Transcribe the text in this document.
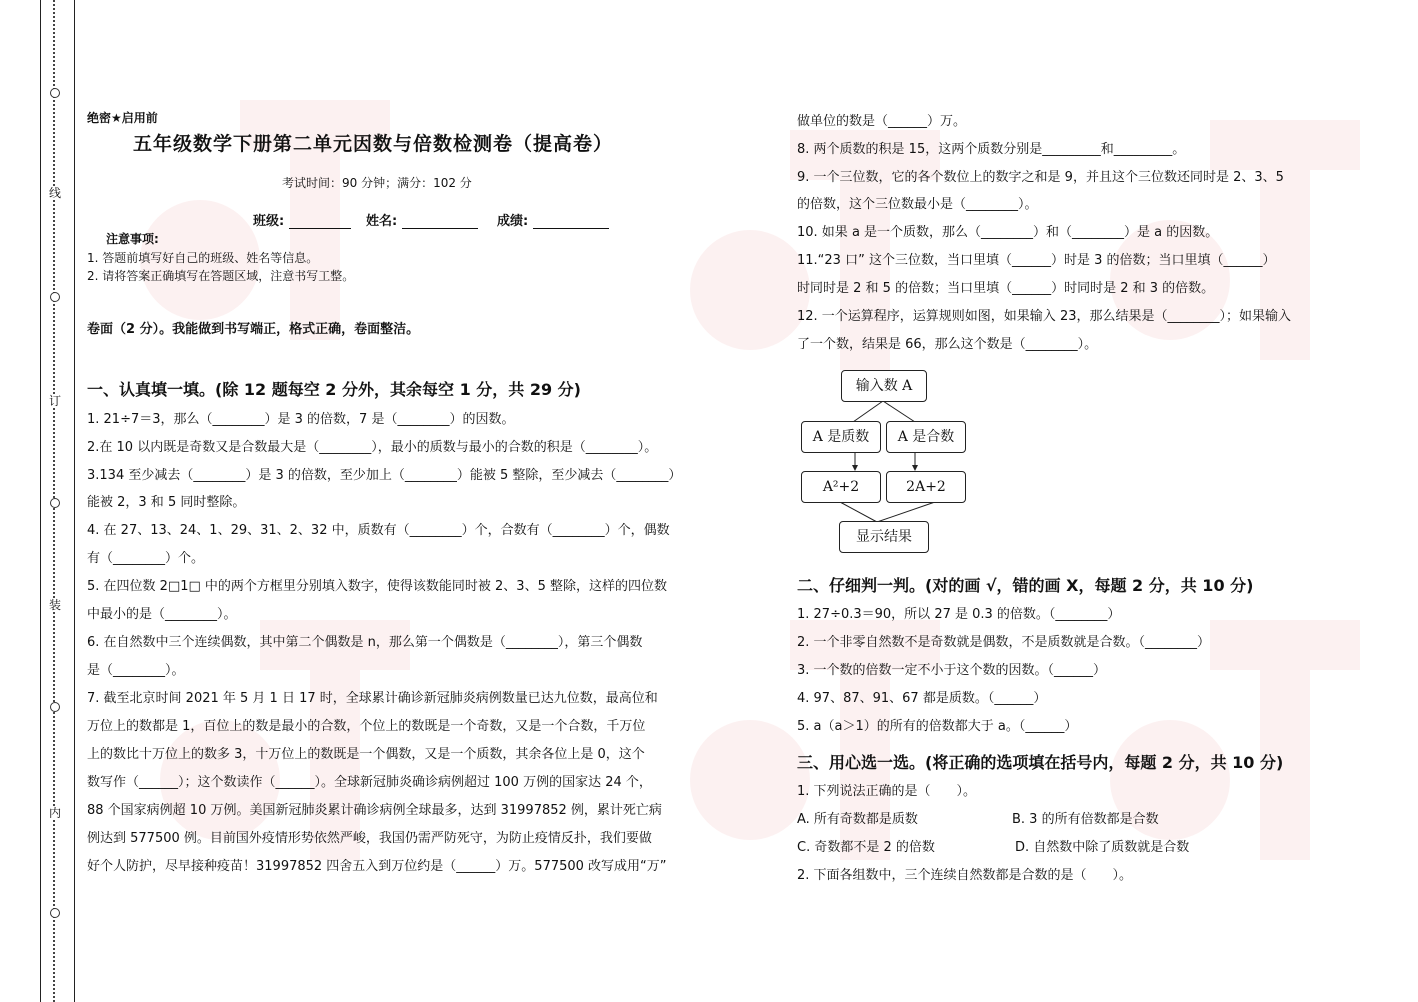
线
订
装
内
绝密★启用前
五年级数学下册第二单元因数与倍数检测卷（提高卷）
考试时间：90 分钟；满分：102 分
班级:	姓名:	成绩:
注意事项:
1. 答题前填写好自己的班级、姓名等信息。
2. 请将答案正确填写在答题区域，注意书写工整。
卷面（2 分）。我能做到书写端正，格式正确，卷面整洁。
一、认真填一填。(除 12 题每空 2 分外，其余每空 1 分，共 29 分)
1. 21÷7＝3，那么（________）是 3 的倍数，7 是（________）的因数。
2.在 10 以内既是奇数又是合数最大是（________），最小的质数与最小的合数的积是（________）。
3.134 至少减去（________）是 3 的倍数，至少加上（________）能被 5 整除，至少减去（________）
能被 2，3 和 5 同时整除。
4. 在 27、13、24、1、29、31、2、32 中，质数有（________）个，合数有（________）个，偶数
有（________）个。
5. 在四位数 2□1□ 中的两个方框里分别填入数字，使得该数能同时被 2、3、5 整除，这样的四位数
中最小的是（________）。
6. 在自然数中三个连续偶数，其中第二个偶数是 n，那么第一个偶数是（________），第三个偶数
是（________）。
7. 截至北京时间 2021 年 5 月 1 日 17 时，全球累计确诊新冠肺炎病例数量已达九位数，最高位和
万位上的数都是 1，百位上的数是最小的合数，个位上的数既是一个奇数，又是一个合数，千万位
上的数比十万位上的数多 3，十万位上的数既是一个偶数，又是一个质数，其余各位上是 0，这个
数写作（______）；这个数读作（______）。全球新冠肺炎确诊病例超过 100 万例的国家达 24 个，
88 个国家病例超 10 万例。美国新冠肺炎累计确诊病例全球最多，达到 31997852 例，累计死亡病
例达到 577500 例。目前国外疫情形势依然严峻，我国仍需严防死守，为防止疫情反扑，我们要做
好个人防护，尽早接种疫苗！31997852 四舍五入到万位约是（______）万。577500 改写成用“万”
做单位的数是（______）万。
8. 两个质数的积是 15，这两个质数分别是_________和_________。
9. 一个三位数，它的各个数位上的数字之和是 9，并且这个三位数还同时是 2、3、5
的倍数，这个三位数最小是（________）。
10. 如果 a 是一个质数，那么（________）和（________）是 a 的因数。
11.“23 口” 这个三位数，当口里填（______）时是 3 的倍数；当口里填（______）
时同时是 2 和 5 的倍数；当口里填（______）时同时是 2 和 3 的倍数。
12. 一个运算程序，运算规则如图，如果输入 23，那么结果是（________）；如果输入
了一个数，结果是 66，那么这个数是（________）。
输入数 A
A 是质数	A 是合数
A²+2	2A+2
显示结果
二、仔细判一判。(对的画 √，错的画 X，每题 2 分，共 10 分)
1. 27÷0.3＝90，所以 27 是 0.3 的倍数。（________）
2. 一个非零自然数不是奇数就是偶数，不是质数就是合数。（________）
3. 一个数的倍数一定不小于这个数的因数。（______）
4. 97、87、91、67 都是质数。（______）
5. a（a＞1）的所有的倍数都大于 a。（______）
三、用心选一选。(将正确的选项填在括号内，每题 2 分，共 10 分)
1. 下列说法正确的是（　　）。
A. 所有奇数都是质数	B. 3 的所有倍数都是合数
C. 奇数都不是 2 的倍数	D. 自然数中除了质数就是合数
2. 下面各组数中，三个连续自然数都是合数的是（　　）。
